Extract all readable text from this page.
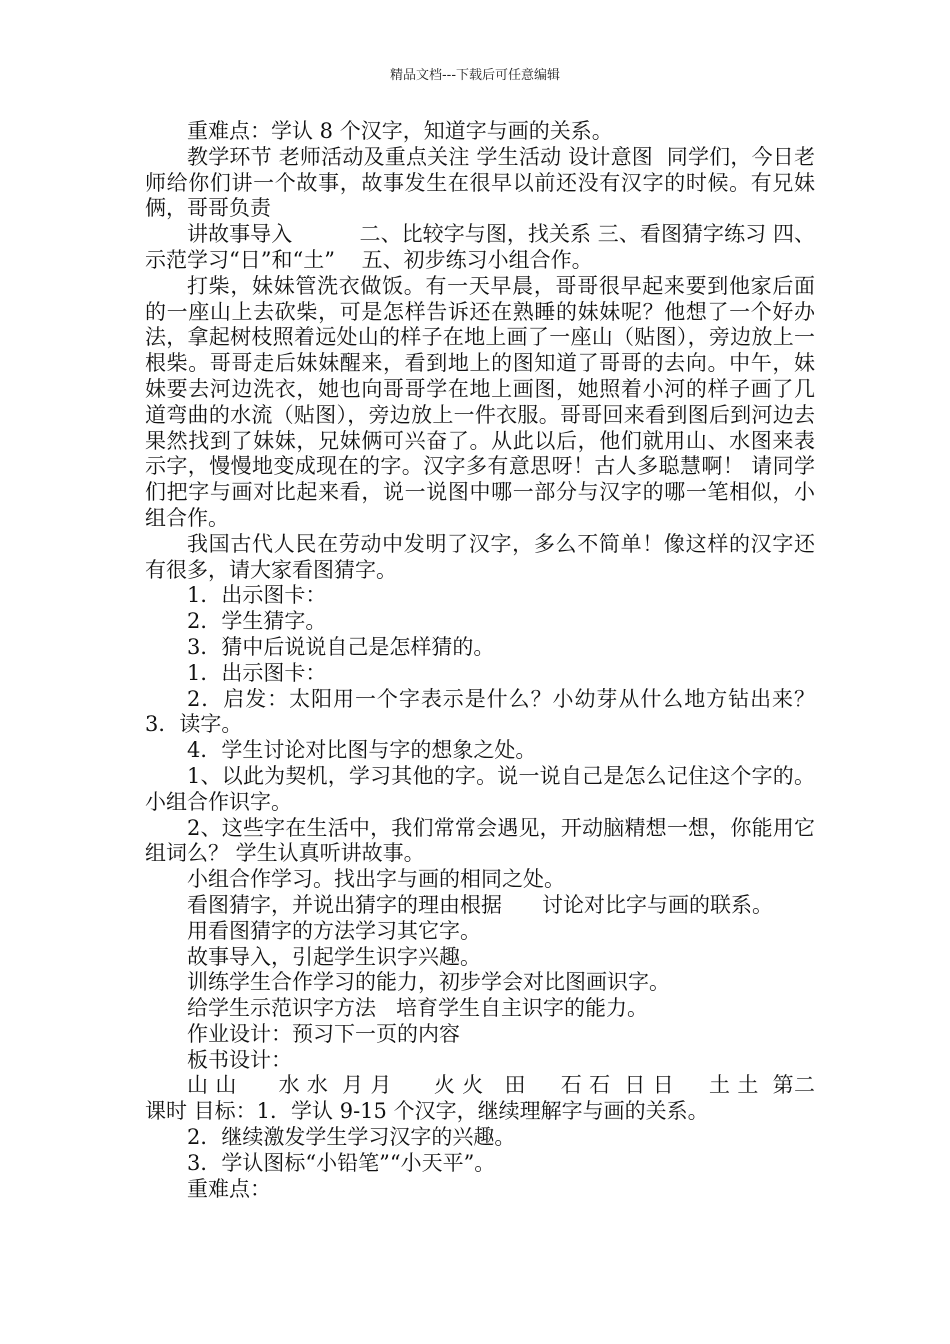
精品文档---下载后可任意编辑

重难点：学认 8 个汉字，知道字与画的关系。

教学环节 老师活动及重点关注 学生活动 设计意图  同学们，今日老师给你们讲一个故事，故事发生在很早以前还没有汉字的时候。有兄妹俩，哥哥负责

讲故事导入          二、比较字与图，找关系 三、看图猜字练习 四、示范学习“日”和“土”    五、初步练习小组合作。

打柴，妹妹管洗衣做饭。有一天早晨，哥哥很早起来要到他家后面的一座山上去砍柴，可是怎样告诉还在熟睡的妹妹呢？他想了一个好办法，拿起树枝照着远处山的样子在地上画了一座山（贴图），旁边放上一根柴。哥哥走后妹妹醒来，看到地上的图知道了哥哥的去向。中午，妹妹要去河边洗衣，她也向哥哥学在地上画图，她照着小河的样子画了几道弯曲的水流（贴图），旁边放上一件衣服。哥哥回来看到图后到河边去果然找到了妹妹，兄妹俩可兴奋了。从此以后，他们就用山、水图来表示字，慢慢地变成现在的字。汉字多有意思呀！古人多聪慧啊！ 请同学们把字与画对比起来看，说一说图中哪一部分与汉字的哪一笔相似，小组合作。

我国古代人民在劳动中发明了汉字，多么不简单！像这样的汉字还有很多，请大家看图猜字。

1．出示图卡：

2．学生猜字。

3．猜中后说说自己是怎样猜的。

1．出示图卡：

2．启发：太阳用一个字表示是什么？小幼芽从什么地方钻出来？ 3．读字。

4．学生讨论对比图与字的想象之处。

1、以此为契机，学习其他的字。说一说自己是怎么记住这个字的。小组合作识字。

2、这些字在生活中，我们常常会遇见，开动脑精想一想，你能用它组词么？ 学生认真听讲故事。

小组合作学习。找出字与画的相同之处。

看图猜字，并说出猜字的理由根据      讨论对比字与画的联系。

用看图猜字的方法学习其它字。

故事导入，引起学生识字兴趣。

训练学生合作学习的能力，初步学会对比图画识字。

给学生示范识字方法   培育学生自主识字的能力。

作业设计：预习下一页的内容

板书设计：

山 山      水 水  月 月      火 火   田     石 石  日 日     土 土  第二课时 目标：1．学认 9-15 个汉字，继续理解字与画的关系。

2．继续激发学生学习汉字的兴趣。

3．学认图标“小铅笔”“小天平”。

重难点：
